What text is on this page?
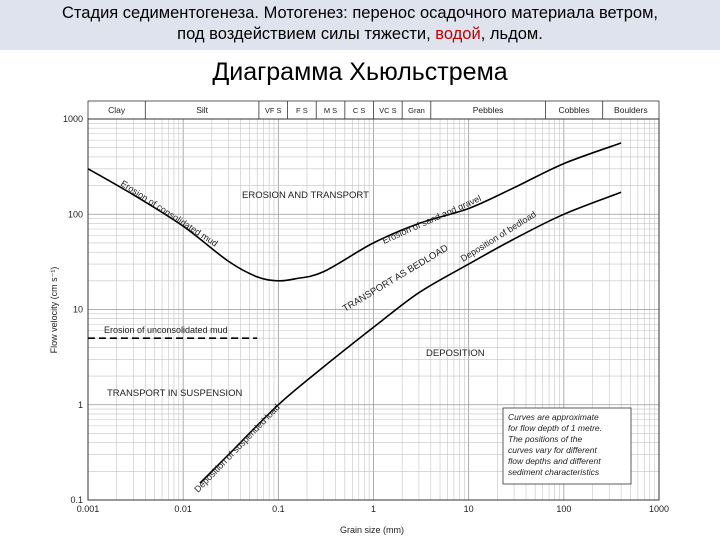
Стадия седиментогенеза. Мотогенез: перенос осадочного материала ветром,
под воздействием силы тяжести, водой, льдом.
Диаграмма Хьюльстрема
Clay	Silt	VF S F S M S C S VC S Gran	Pebbles	Cobbles	Boulders
0.001	0.01	0.1	1	10	100	1000
1000
100
10
1
0.1
Grain size (mm)
Flow velocity (cm s⁻¹)
EROSION AND TRANSPORT
TRANSPORT AS BEDLOAD
DEPOSITION
TRANSPORT IN SUSPENSION
Erosion of consolidated mud	Erosion of sand and gravel
Deposition of bedload
Deposition of suspended load
Erosion of unconsolidated mud
Curves are approximate
for flow depth of 1 metre.
The positions of the
curves vary for different
flow depths and different
sediment characteristics
